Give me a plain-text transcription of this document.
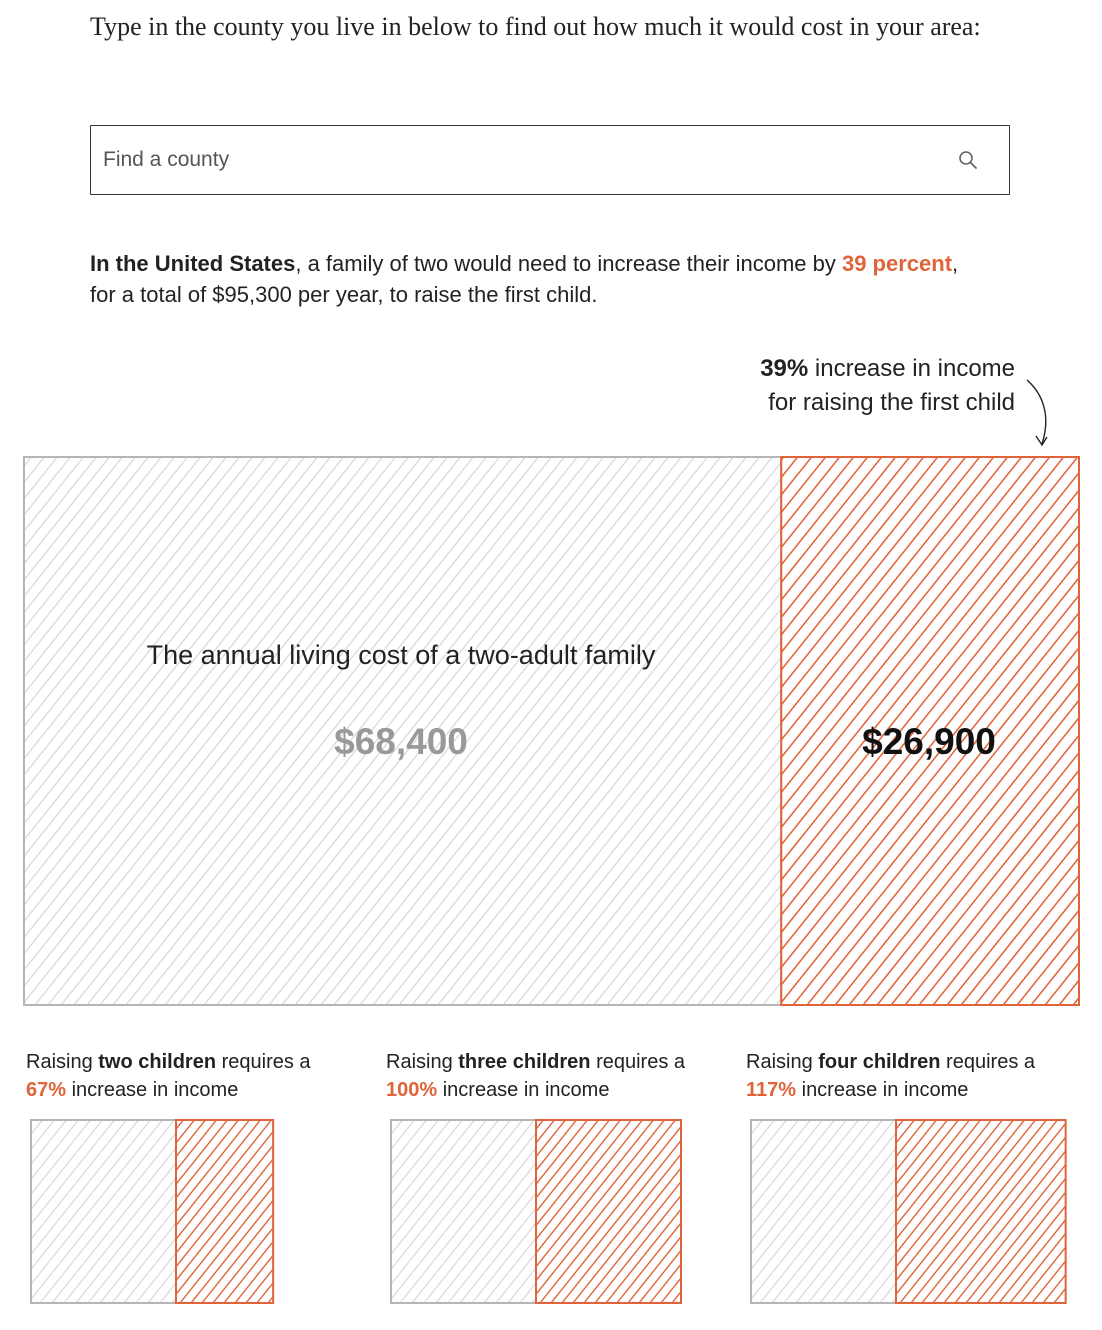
Type in the county you live in below to find out how much it would cost in your area:

Find a county

In the United States, a family of two would need to increase their income by 39 percent, for a total of $95,300 per year, to raise the first child.

39% increase in income
for raising the first child
The annual living cost of a two-adult family
$68,400	$26,900

Raising two children requires a
67% increase in income

Raising three children requires a
100% increase in income

Raising four children requires a
117% increase in income
